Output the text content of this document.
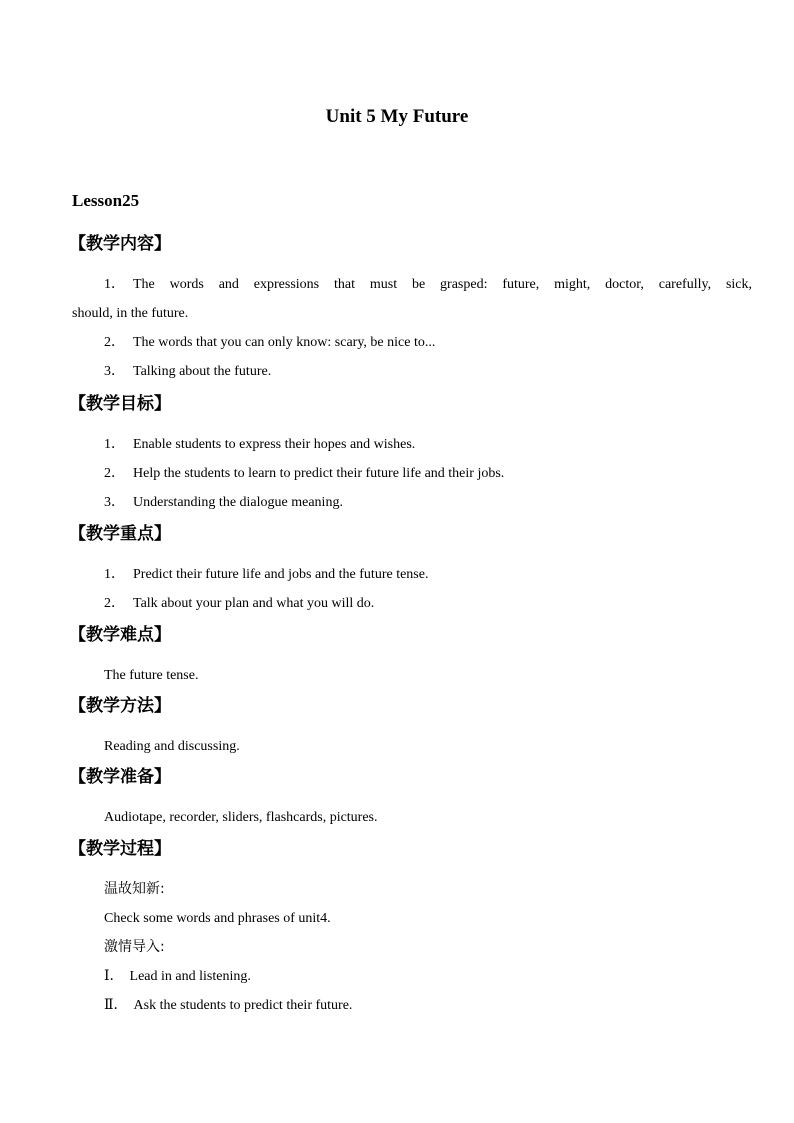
Unit 5 My Future
Lesson25
【教学内容】
1． The words and expressions that must be grasped: future, might, doctor, carefully, sick,
should, in the future.
2． The words that you can only know: scary, be nice to...
3． Talking about the future.
【教学目标】
1． Enable students to express their hopes and wishes.
2． Help the students to learn to predict their future life and their jobs.
3． Understanding the dialogue meaning.
【教学重点】
1． Predict their future life and jobs and the future tense.
2． Talk about your plan and what you will do.
【教学难点】
The future tense.
【教学方法】
Reading and discussing.
【教学准备】
Audiotape, recorder, sliders, flashcards, pictures.
【教学过程】
温故知新:
Check some words and phrases of unit4.
激情导入:
Ⅰ． Lead in and listening.
Ⅱ． Ask the students to predict their future.
